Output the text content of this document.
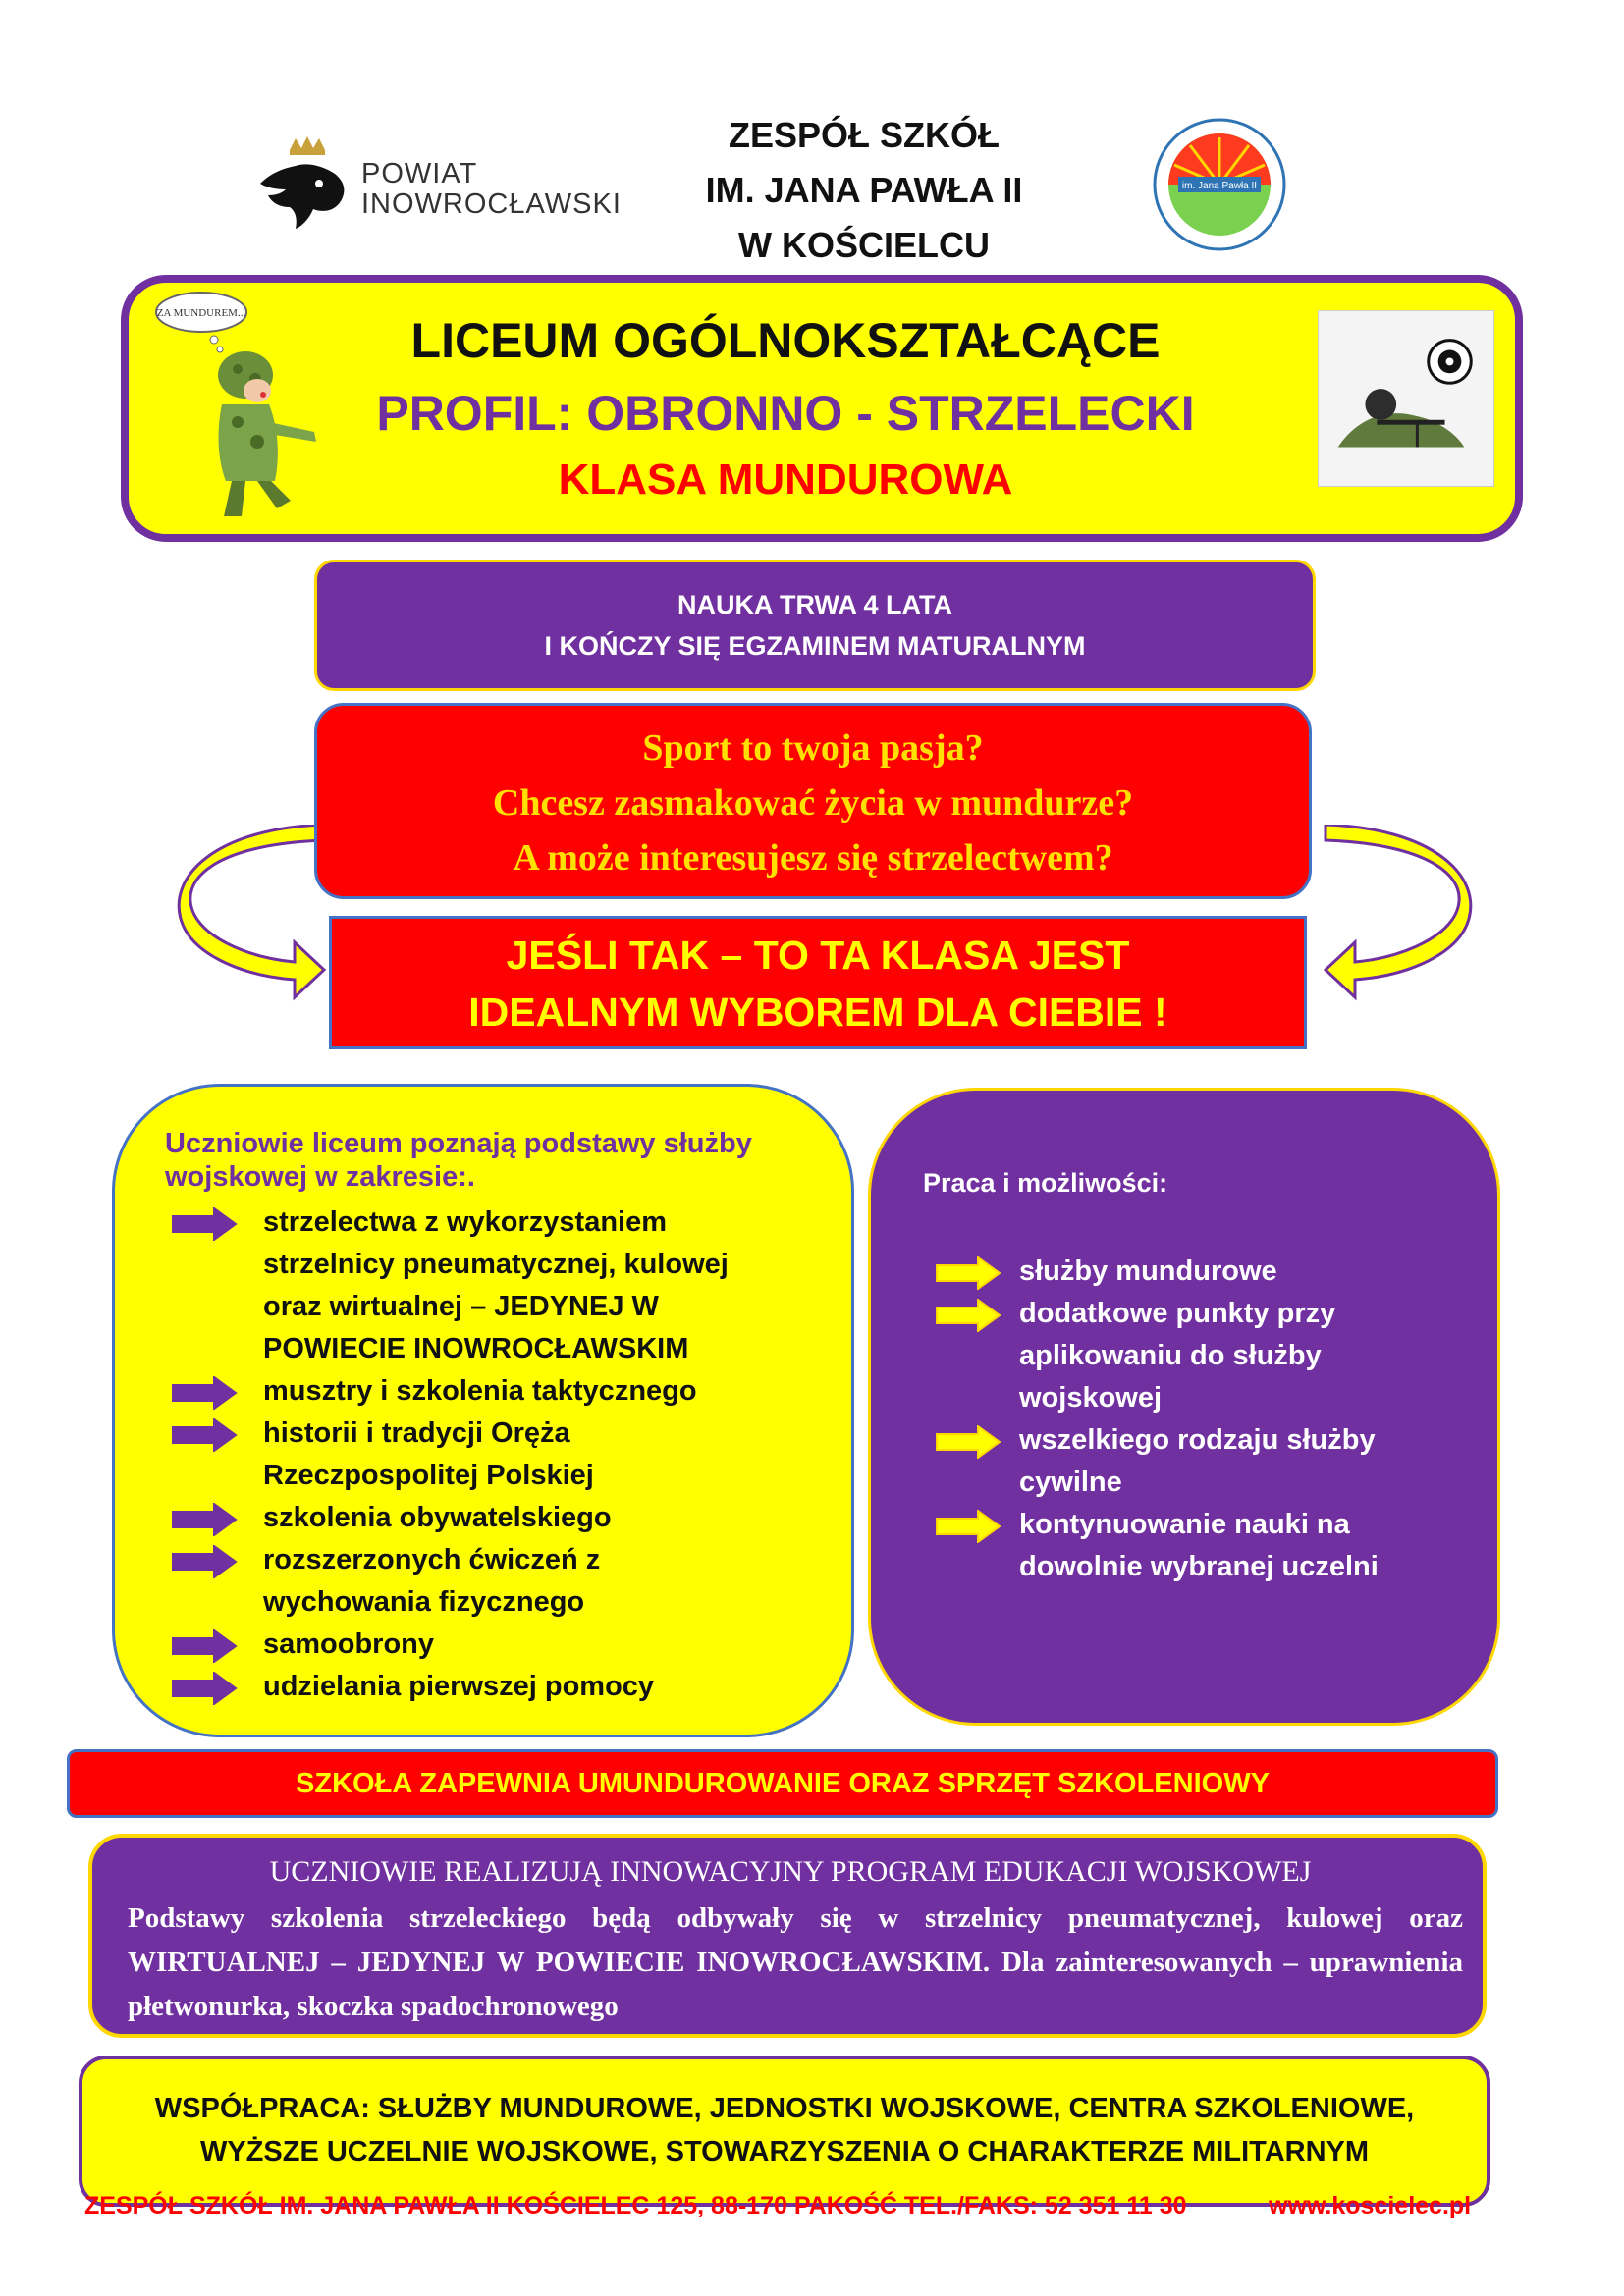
POWIAT
INOWROCŁAWSKI
ZESPÓŁ SZKÓŁ
IM. JANA PAWŁA II
W KOŚCIELCU
im. Jana Pawła II
ZA MUNDUREM...	LICEUM OGÓLNOKSZTAŁCĄCE
PROFIL: OBRONNO - STRZELECKI
KLASA MUNDUROWA
NAUKA TRWA 4 LATA
I KOŃCZY SIĘ EGZAMINEM MATURALNYM
Sport to twoja pasja?
Chcesz zasmakować życia w mundurze?
A może interesujesz się strzelectwem?
JEŚLI TAK – TO TA KLASA JEST
IDEALNYM WYBOREM DLA CIEBIE !
Uczniowie liceum poznają podstawy służby wojskowej w zakresie:.
strzelectwa z wykorzystaniem
strzelnicy pneumatycznej, kulowej
oraz wirtualnej – JEDYNEJ W
POWIECIE INOWROCŁAWSKIM
musztry i szkolenia taktycznego
historii i tradycji Oręża
Rzeczpospolitej Polskiej
szkolenia obywatelskiego
rozszerzonych ćwiczeń z
wychowania fizycznego
samoobrony
udzielania pierwszej pomocy
Praca i możliwości:
służby mundurowe
dodatkowe punkty przy
aplikowaniu do służby
wojskowej
wszelkiego rodzaju służby
cywilne
kontynuowanie nauki na
dowolnie wybranej uczelni
SZKOŁA ZAPEWNIA UMUNDUROWANIE ORAZ SPRZĘT SZKOLENIOWY
UCZNIOWIE REALIZUJĄ INNOWACYJNY PROGRAM EDUKACJI WOJSKOWEJ
Podstawy szkolenia strzeleckiego będą odbywały się w strzelnicy pneumatycznej, kulowej oraz WIRTUALNEJ – JEDYNEJ W POWIECIE INOWROCŁAWSKIM. Dla zainteresowanych – uprawnienia płetwonurka, skoczka spadochronowego
WSPÓŁPRACA: SŁUŻBY MUNDUROWE, JEDNOSTKI WOJSKOWE, CENTRA SZKOLENIOWE,
WYŻSZE UCZELNIE WOJSKOWE, STOWARZYSZENIA O CHARAKTERZE MILITARNYM
ZESPÓŁ SZKÓŁ IM. JANA PAWŁA II KOŚCIELEC 125, 88-170 PAKOŚĆ TEL./FAKS: 52 351 11 30	www.koscielec.pl
